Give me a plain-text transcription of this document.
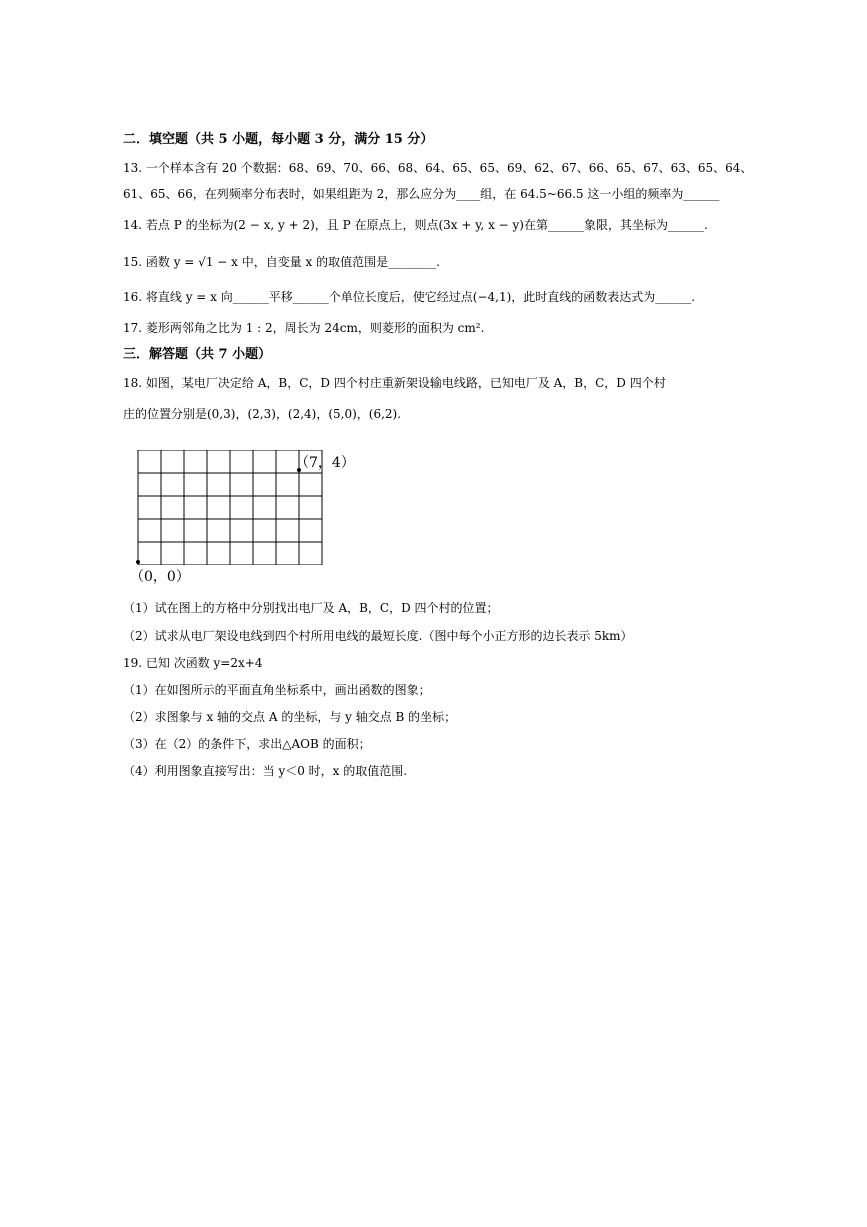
二．填空题（共 5 小题，每小题 3 分，满分 15 分）
13. 一个样本含有 20 个数据：68、69、70、66、68、64、65、65、69、62、67、66、65、67、63、65、64、
61、65、66，在列频率分布表时，如果组距为 2，那么应分为____组，在 64.5~66.5 这一小组的频率为______
14. 若点 P 的坐标为(2 − x, y + 2)，且 P 在原点上，则点(3x + y, x − y)在第______象限，其坐标为______.
15. 函数 y = √1 − x 中，自变量 x 的取值范围是________.
16. 将直线 y = x 向______平移______个单位长度后，使它经过点(−4,1)，此时直线的函数表达式为______.
17. 菱形两邻角之比为 1 : 2，周长为 24cm，则菱形的面积为 cm².
三．解答题（共 7 小题）
18. 如图，某电厂决定给 A，B，C，D 四个村庄重新架设输电线路，已知电厂及 A，B，C，D 四个村
庄的位置分别是(0,3)，(2,3)，(2,4)，(5,0)，(6,2).
（7，4）
（0，0）
（1）试在图上的方格中分别找出电厂及 A，B，C，D 四个村的位置；
（2）试求从电厂架设电线到四个村所用电线的最短长度.（图中每个小正方形的边长表示 5km）
19. 已知 次函数 y=2x+4
（1）在如图所示的平面直角坐标系中，画出函数的图象；
（2）求图象与 x 轴的交点 A 的坐标，与 y 轴交点 B 的坐标；
（3）在（2）的条件下，求出△AOB 的面积；
（4）利用图象直接写出：当 y＜0 时，x 的取值范围.
